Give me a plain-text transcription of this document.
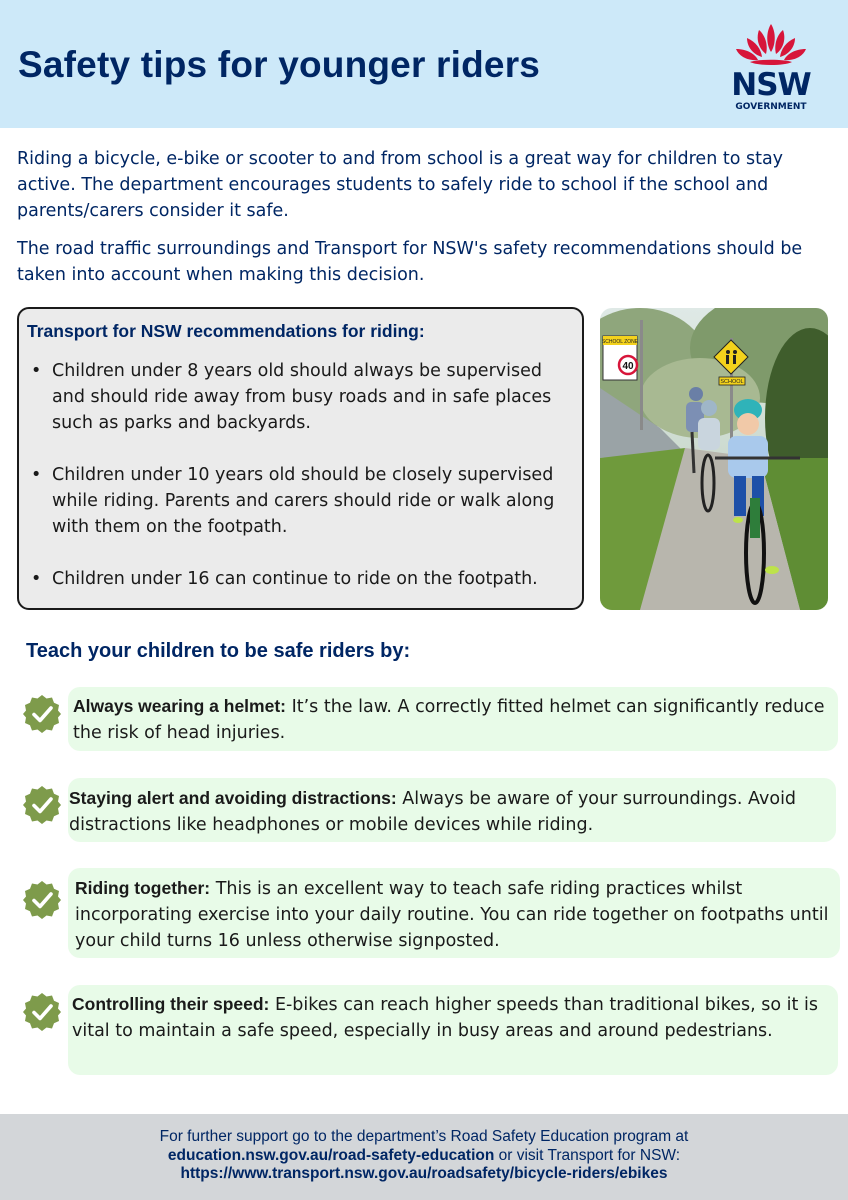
Safety tips for younger riders	NSW
GOVERNMENT

Riding a bicycle, e-bike or scooter to and from school is a great way for children to stay active. The department encourages students to safely ride to school if the school and parents/carers consider it safe.

The road traffic surroundings and Transport for NSW's safety recommendations should be taken into account when making this decision.

Transport for NSW recommendations for riding:
• Children under 8 years old should always be supervised and should ride away from busy roads and in safe places such as parks and backyards.
• Children under 10 years old should be closely supervised while riding. Parents and carers should ride or walk along with them on the footpath.
• Children under 16 can continue to ride on the footpath.
SCHOOL ZONE
40
SCHOOL
Teach your children to be safe riders by:

Always wearing a helmet: It’s the law. A correctly fitted helmet can significantly reduce the risk of head injuries.

Staying alert and avoiding distractions: Always be aware of your surroundings. Avoid distractions like headphones or mobile devices while riding.

Riding together: This is an excellent way to teach safe riding practices whilst incorporating exercise into your daily routine. You can ride together on footpaths until your child turns 16 unless otherwise signposted.

Controlling their speed: E-bikes can reach higher speeds than traditional bikes, so it is vital to maintain a safe speed, especially in busy areas and around pedestrians.

For further support go to the department’s Road Safety Education program at
education.nsw.gov.au/road-safety-education or visit Transport for NSW:
https://www.transport.nsw.gov.au/roadsafety/bicycle-riders/ebikes
